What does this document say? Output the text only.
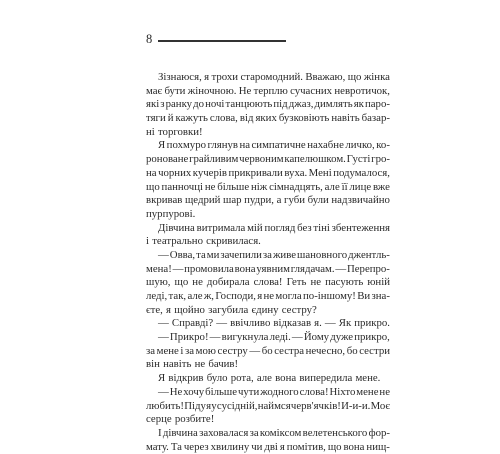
8
Зізнаюся, я трохи старомодний. Вважаю, що жінка
має бути жіночною. Не терплю сучасних невротичок,
які з ранку до ночі танцюють під джаз, димлять як паро-
тяги й кажуть слова, від яких бузковіють навіть базар-
ні торговки!
Я похмуро глянув на симпатичне нахабне личко, ко-
роноване грайливим червоним капелюшком. Густі гро-
на чорних кучерів прикривали вуха. Мені подумалося,
що панночці не більше ніж сімнадцять, але її лице вже
вкривав щедрий шар пудри, а губи були надзвичайно
пурпурові.
Дівчина витримала мій погляд без тіні збентеження
і театрально скривилася.
— Овва, та ми зачепили за живе шановного джентль-
мена! — промовила вона уявним глядачам. — Перепро-
шую, що не добирала слова! Геть не пасують юній
леді, так, але ж, Господи, я не могла по-іншому! Ви зна-
єте, я щойно загубила єдину сестру?
— Справді? — ввічливо відказав я. — Як прикро.
— Прикро! — вигукнула леді. — Йому дуже прикро,
за мене і за мою сестру — бо сестра нечесно, бо сестри
він навіть не бачив!
Я відкрив було рота, але вона випередила мене.
— Не хочу більше чути жодного слова! Ніхто мене не
любить! Піду я у сусідній, наймся черв'ячків! И-и-и. Моє
серце розбите!
І дівчина заховалася за коміксом велетенського фор-
мату. Та через хвилину чи дві я помітив, що вона нищ-
